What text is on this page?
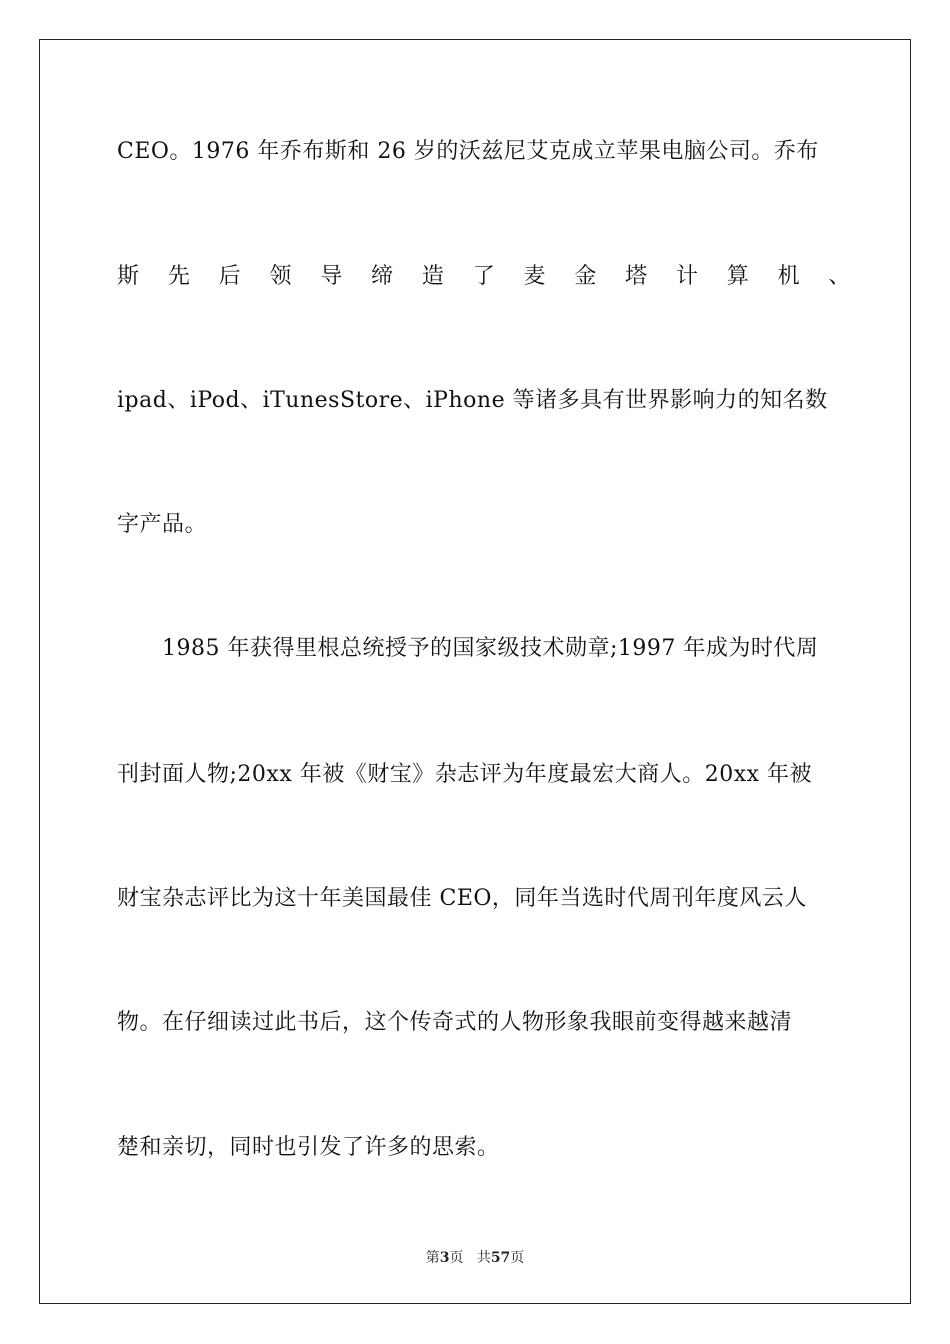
CEO。1976 年乔布斯和 26 岁的沃兹尼艾克成立苹果电脑公司。乔布
斯 先 后 领 导 缔 造 了 麦 金 塔 计 算 机 、
ipad、iPod、iTunesStore、iPhone 等诸多具有世界影响力的知名数
字产品。
1985 年获得里根总统授予的国家级技术勋章;1997 年成为时代周
刊封面人物;20xx 年被《财宝》杂志评为年度最宏大商人。20xx 年被
财宝杂志评比为这十年美国最佳 CEO，同年当选时代周刊年度风云人
物。在仔细读过此书后，这个传奇式的人物形象我眼前变得越来越清
楚和亲切，同时也引发了许多的思索。
第3页 共57页
